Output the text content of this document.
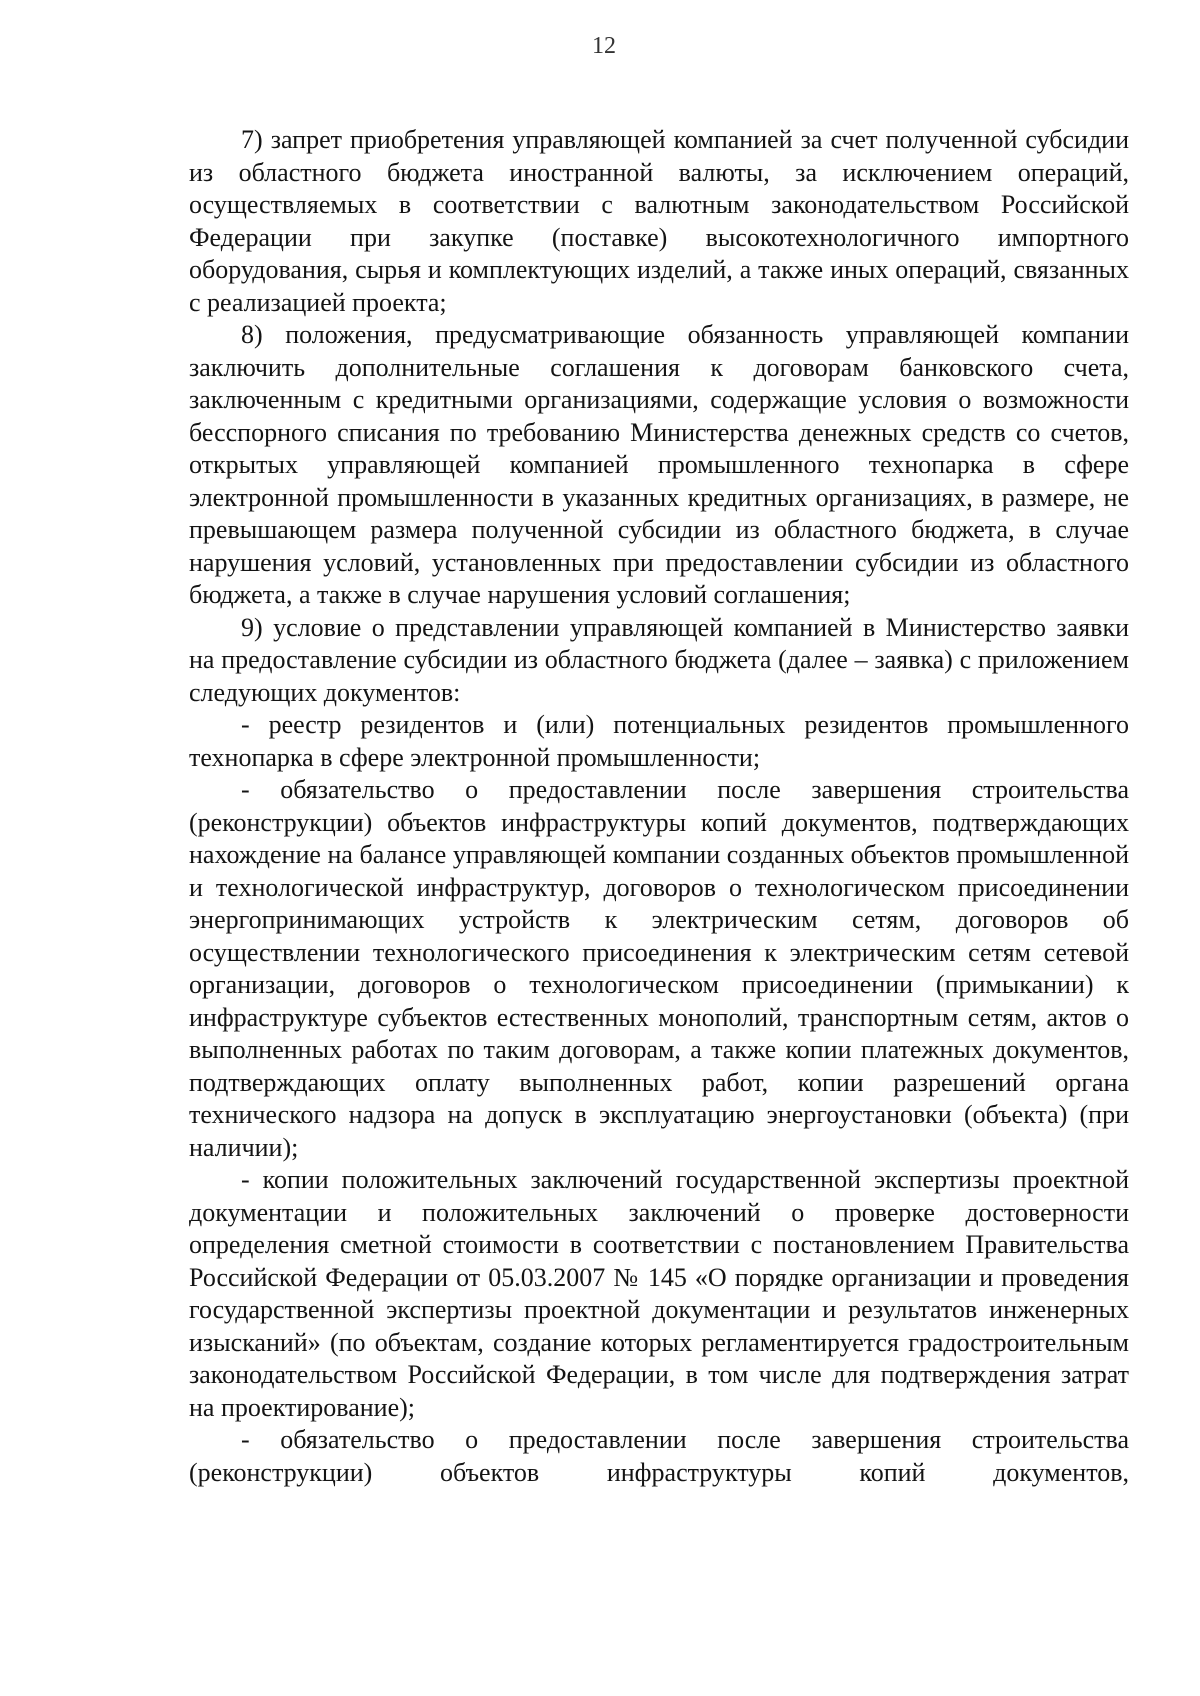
12

7) запрет приобретения управляющей компанией за счет полученной субсидии из областного бюджета иностранной валюты, за исключением операций, осуществляемых в соответствии с валютным законодательством Российской Федерации при закупке (поставке) высокотехнологичного импортного оборудования, сырья и комплектующих изделий, а также иных операций, связанных с реализацией проекта;

8) положения, предусматривающие обязанность управляющей компании заключить дополнительные соглашения к договорам банковского счета, заключенным с кредитными организациями, содержащие условия о возможности бесспорного списания по требованию Министерства денежных средств со счетов, открытых управляющей компанией промышленного технопарка в сфере электронной промышленности в указанных кредитных организациях, в размере, не превышающем размера полученной субсидии из областного бюджета, в случае нарушения условий, установленных при предоставлении субсидии из областного бюджета, а также в случае нарушения условий соглашения;

9) условие о представлении управляющей компанией в Министерство заявки на предоставление субсидии из областного бюджета (далее – заявка) с приложением следующих документов:

- реестр резидентов и (или) потенциальных резидентов промышленного технопарка в сфере электронной промышленности;

- обязательство о предоставлении после завершения строительства (реконструкции) объектов инфраструктуры копий документов, подтверждающих нахождение на балансе управляющей компании созданных объектов промышленной и технологической инфраструктур, договоров о технологическом присоединении энергопринимающих устройств к электрическим сетям, договоров об осуществлении технологического присоединения к электрическим сетям сетевой организации, договоров о технологическом присоединении (примыкании) к инфраструктуре субъектов естественных монополий, транспортным сетям, актов о выполненных работах по таким договорам, а также копии платежных документов, подтверждающих оплату выполненных работ, копии разрешений органа технического надзора на допуск в эксплуатацию энергоустановки (объекта) (при наличии);

- копии положительных заключений государственной экспертизы проектной документации и положительных заключений о проверке достоверности определения сметной стоимости в соответствии с постановлением Правительства Российской Федерации от 05.03.2007 № 145 «О порядке организации и проведения государственной экспертизы проектной документации и результатов инженерных изысканий» (по объектам, создание которых регламентируется градостроительным законодательством Российской Федерации, в том числе для подтверждения затрат на проектирование);

- обязательство о предоставлении после завершения строительства (реконструкции) объектов инфраструктуры копий документов,
